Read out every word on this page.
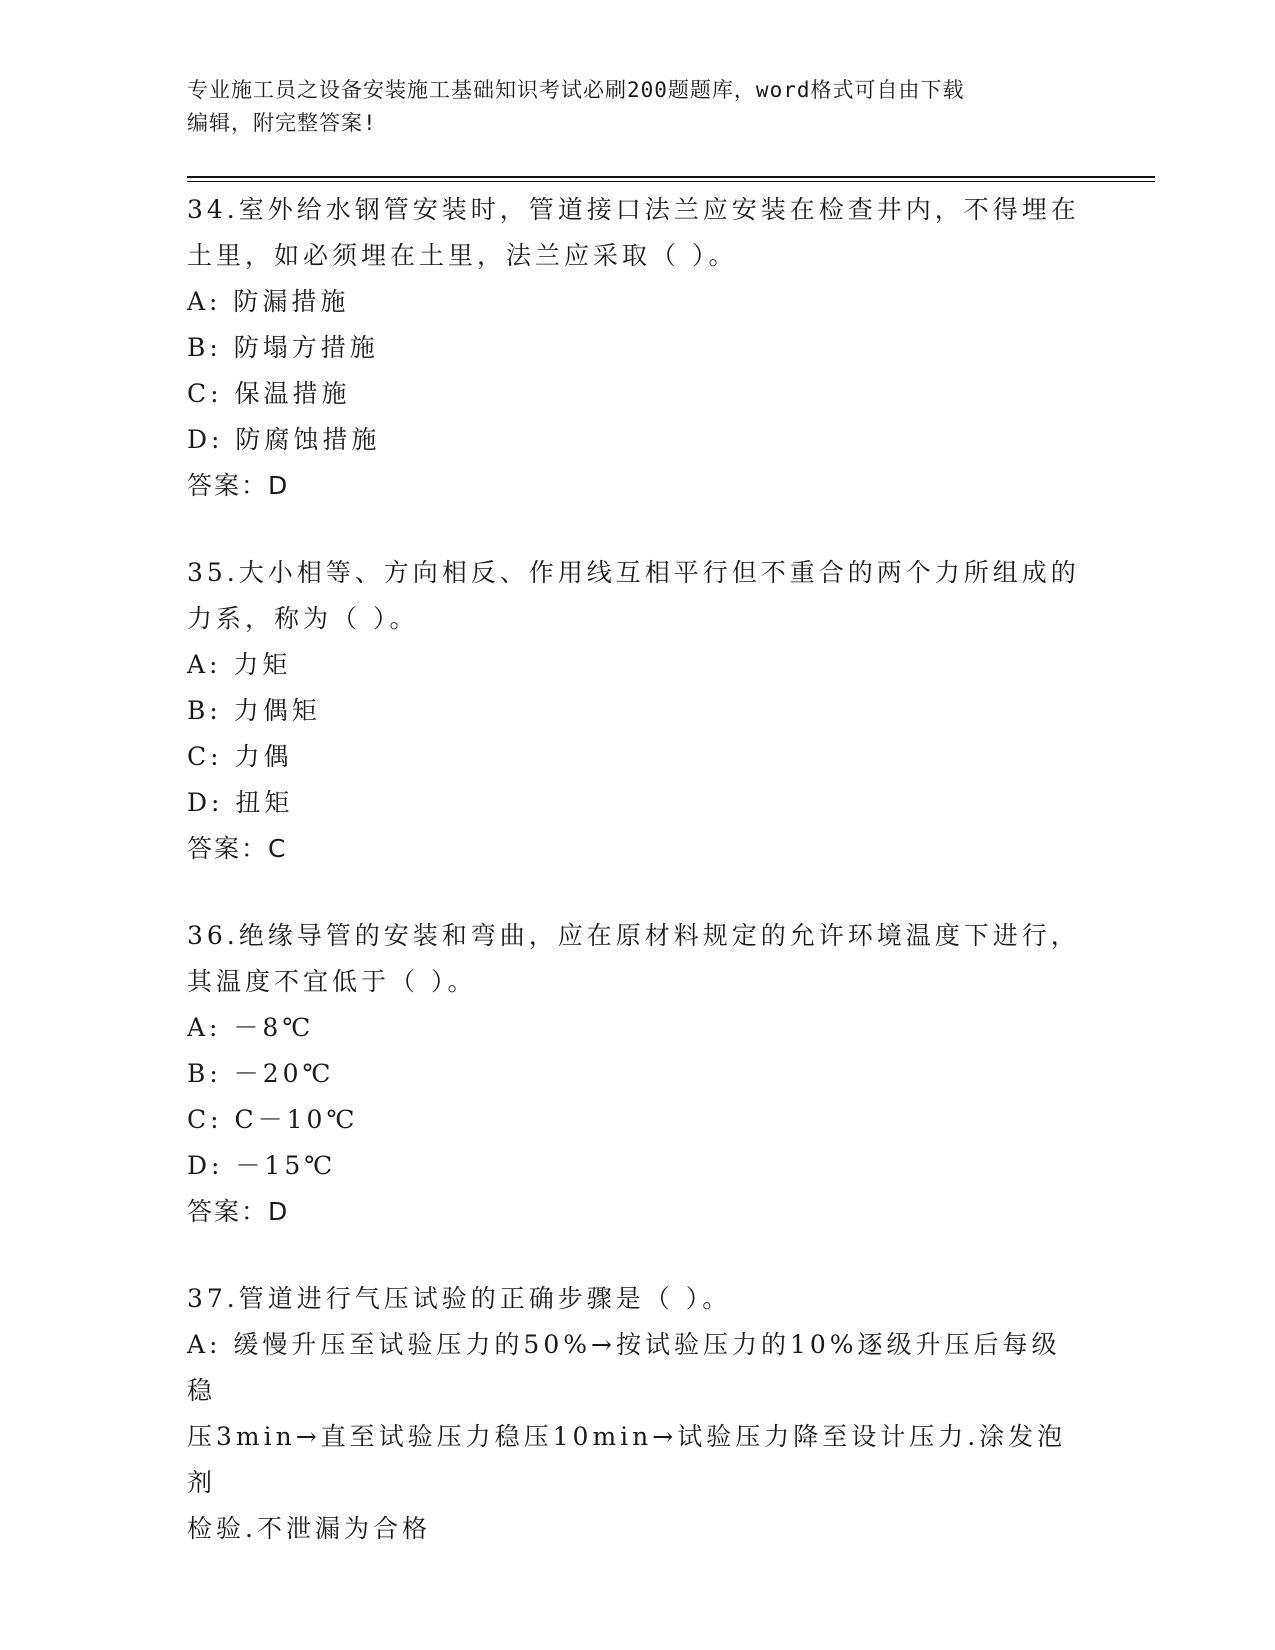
专业施工员之设备安装施工基础知识考试必刷200题题库，word格式可自由下载
编辑，附完整答案!

34.室外给水钢管安装时，管道接口法兰应安装在检查井内，不得埋在

土里，如必须埋在土里，法兰应采取（ ）。

A: 防漏措施

B: 防塌方措施

C: 保温措施

D: 防腐蚀措施

答案：D

35.大小相等、方向相反、作用线互相平行但不重合的两个力所组成的

力系，称为（ ）。

A: 力矩

B: 力偶矩

C: 力偶

D: 扭矩

答案：C

36.绝缘导管的安装和弯曲，应在原材料规定的允许环境温度下进行，

其温度不宜低于（ ）。

A: －8℃

B: －20℃

C: C－10℃

D: －15℃

答案：D

37.管道进行气压试验的正确步骤是（ ）。

A: 缓慢升压至试验压力的50%→按试验压力的10%逐级升压后每级稳

压3min→直至试验压力稳压10min→试验压力降至设计压力.涂发泡剂

检验.不泄漏为合格
